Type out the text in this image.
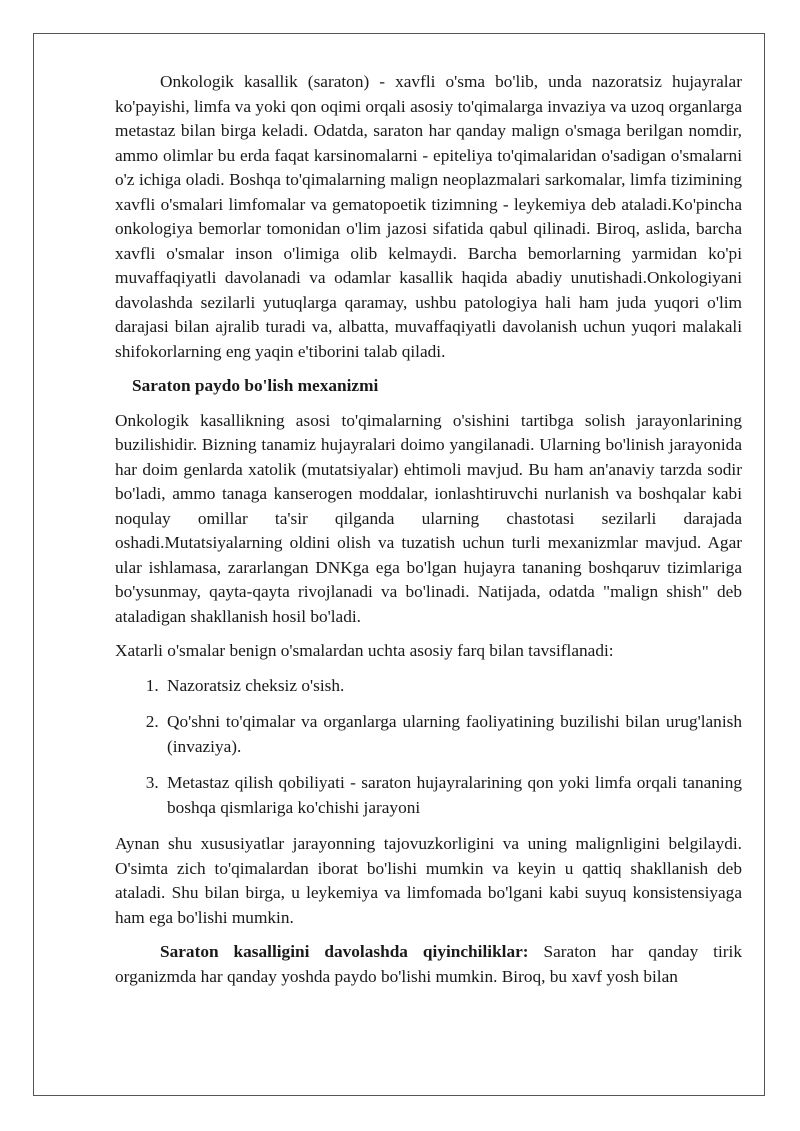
Onkologik kasallik (saraton) - xavfli o'sma bo'lib, unda nazoratsiz hujayralar ko'payishi, limfa va yoki qon oqimi orqali asosiy to'qimalarga invaziya va uzoq organlarga metastaz bilan birga keladi. Odatda, saraton har qanday malign o'smaga berilgan nomdir, ammo olimlar bu erda faqat karsinomalarni - epiteliya to'qimalaridan o'sadigan o'smalarni o'z ichiga oladi. Boshqa to'qimalarning malign neoplazmalari sarkomalar, limfa tizimining xavfli o'smalari limfomalar va gematopoetik tizimning - leykemiya deb ataladi.Ko'pincha onkologiya bemorlar tomonidan o'lim jazosi sifatida qabul qilinadi. Biroq, aslida, barcha xavfli o'smalar inson o'limiga olib kelmaydi. Barcha bemorlarning yarmidan ko'pi muvaffaqiyatli davolanadi va odamlar kasallik haqida abadiy unutishadi.Onkologiyani davolashda sezilarli yutuqlarga qaramay, ushbu patologiya hali ham juda yuqori o'lim darajasi bilan ajralib turadi va, albatta, muvaffaqiyatli davolanish uchun yuqori malakali shifokorlarning eng yaqin e'tiborini talab qiladi.

Saraton paydo bo'lish mexanizmi

Onkologik kasallikning asosi to'qimalarning o'sishini tartibga solish jarayonlarining buzilishidir. Bizning tanamiz hujayralari doimo yangilanadi. Ularning bo'linish jarayonida har doim genlarda xatolik (mutatsiyalar) ehtimoli mavjud. Bu ham an'anaviy tarzda sodir bo'ladi, ammo tanaga kanserogen moddalar, ionlashtiruvchi nurlanish va boshqalar kabi noqulay omillar ta'sir qilganda ularning chastotasi sezilarli darajada oshadi.Mutatsiyalarning oldini olish va tuzatish uchun turli mexanizmlar mavjud. Agar ular ishlamasa, zararlangan DNKga ega bo'lgan hujayra tananing boshqaruv tizimlariga bo'ysunmay, qayta-qayta rivojlanadi va bo'linadi. Natijada, odatda "malign shish" deb ataladigan shakllanish hosil bo'ladi.

Xatarli o'smalar benign o'smalardan uchta asosiy farq bilan tavsiflanadi:

1. Nazoratsiz cheksiz o'sish.
2. Qo'shni to'qimalar va organlarga ularning faoliyatining buzilishi bilan urug'lanish (invaziya).
3. Metastaz qilish qobiliyati - saraton hujayralarining qon yoki limfa orqali tananing boshqa qismlariga ko'chishi jarayoni

Aynan shu xususiyatlar jarayonning tajovuzkorligini va uning malignligini belgilaydi. O'simta zich to'qimalardan iborat bo'lishi mumkin va keyin u qattiq shakllanish deb ataladi. Shu bilan birga, u leykemiya va limfomada bo'lgani kabi suyuq konsistensiyaga ham ega bo'lishi mumkin.

Saraton kasalligini davolashda qiyinchiliklar: Saraton har qanday tirik organizmda har qanday yoshda paydo bo'lishi mumkin. Biroq, bu xavf yosh bilan
